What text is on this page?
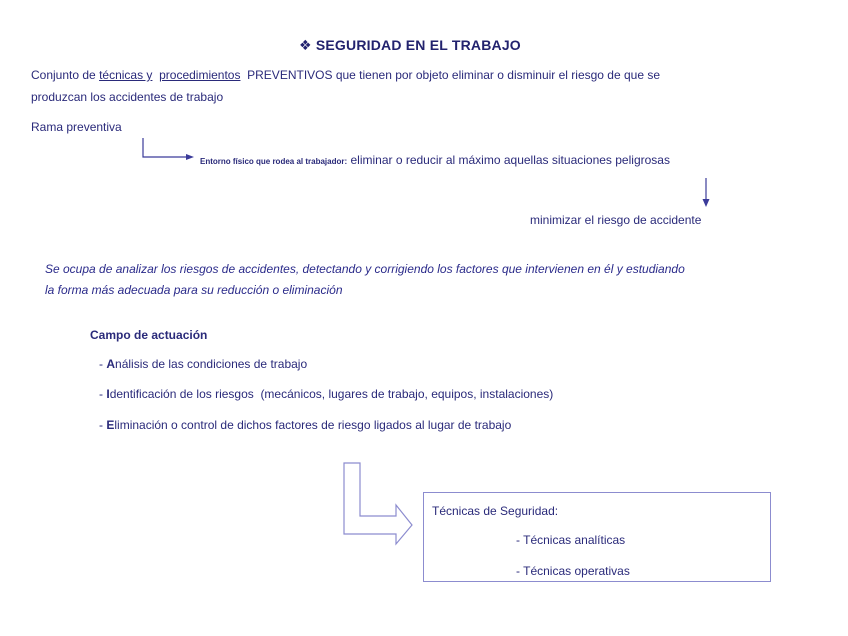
❖ SEGURIDAD EN EL TRABAJO
Conjunto de técnicas y procedimientos  PREVENTIVOS que tienen por objeto eliminar o disminuir el riesgo de que se
produzcan los accidentes de trabajo
Rama preventiva
Entorno físico que rodea al trabajador: eliminar o reducir al máximo aquellas situaciones peligrosas
minimizar el riesgo de accidente
Se ocupa de analizar los riesgos de accidentes, detectando y corrigiendo los factores que intervienen en él y estudiando
la forma más adecuada para su reducción o eliminación
Campo de actuación
- Análisis de las condiciones de trabajo
- Identificación de los riesgos  (mecánicos, lugares de trabajo, equipos, instalaciones)
- Eliminación o control de dichos factores de riesgo ligados al lugar de trabajo
Técnicas de Seguridad:
- Técnicas analíticas
- Técnicas operativas
